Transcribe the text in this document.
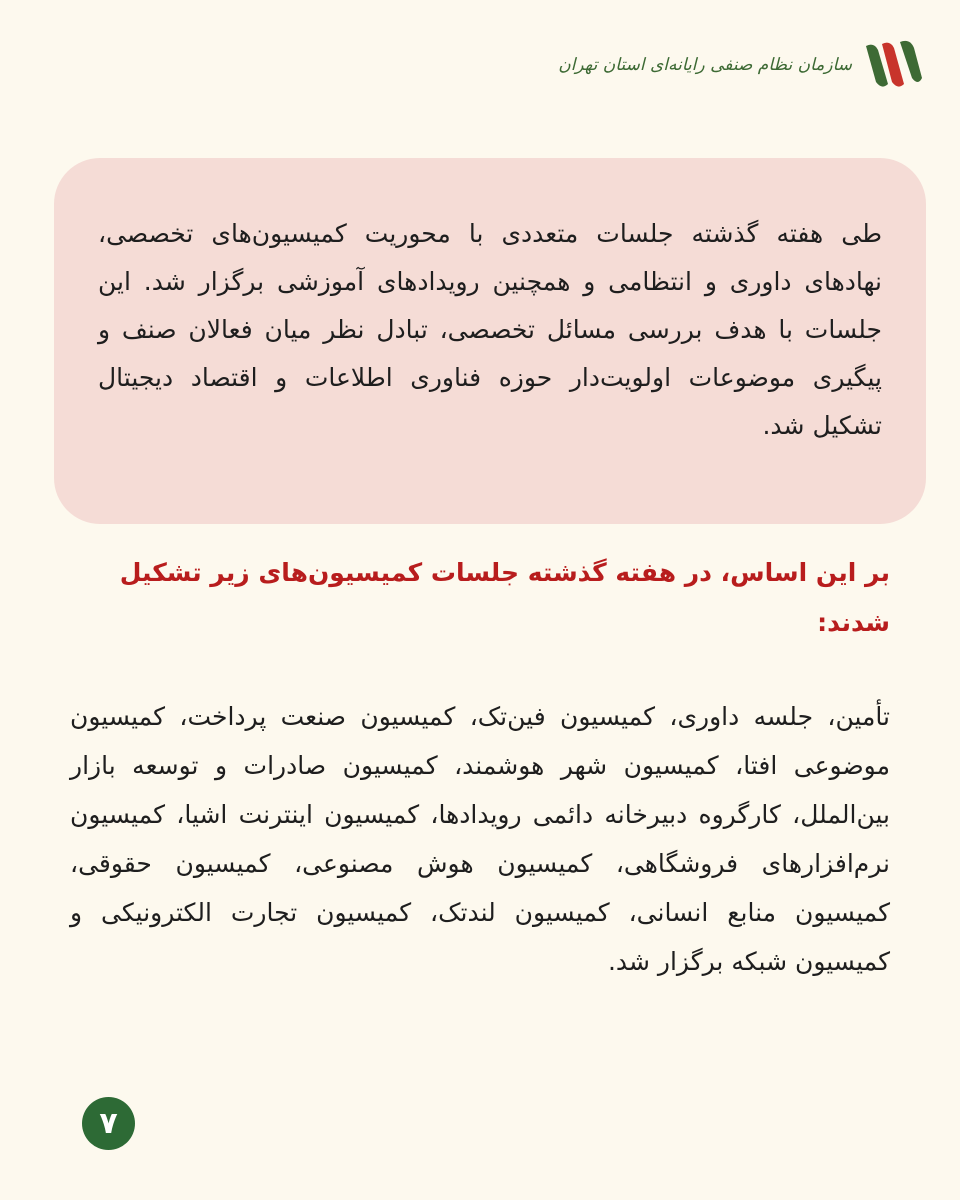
سازمان نظام صنفی رایانه‌ای استان تهران

طی هفته گذشته جلسات متعددی با محوریت کمیسیون‌های تخصصی، نهادهای داوری و انتظامی و همچنین رویدادهای آموزشی برگزار شد. این جلسات با هدف بررسی مسائل تخصصی، تبادل نظر میان فعالان صنف و پیگیری موضوعات اولویت‌دار حوزه فناوری اطلاعات و اقتصاد دیجیتال تشکیل شد.

بر این اساس، در هفته گذشته جلسات کمیسیون‌های زیر تشکیل شدند:

تأمین، جلسه داوری، کمیسیون فین‌تک، کمیسیون صنعت پرداخت، کمیسیون موضوعی افتا، کمیسیون شهر هوشمند، کمیسیون صادرات و توسعه بازار بین‌الملل، کارگروه دبیرخانه دائمی رویدادها، کمیسیون اینترنت اشیا، کمیسیون نرم‌افزارهای فروشگاهی، کمیسیون هوش مصنوعی، کمیسیون حقوقی، کمیسیون منابع انسانی، کمیسیون لندتک، کمیسیون تجارت الکترونیکی و کمیسیون شبکه برگزار شد.

۷
